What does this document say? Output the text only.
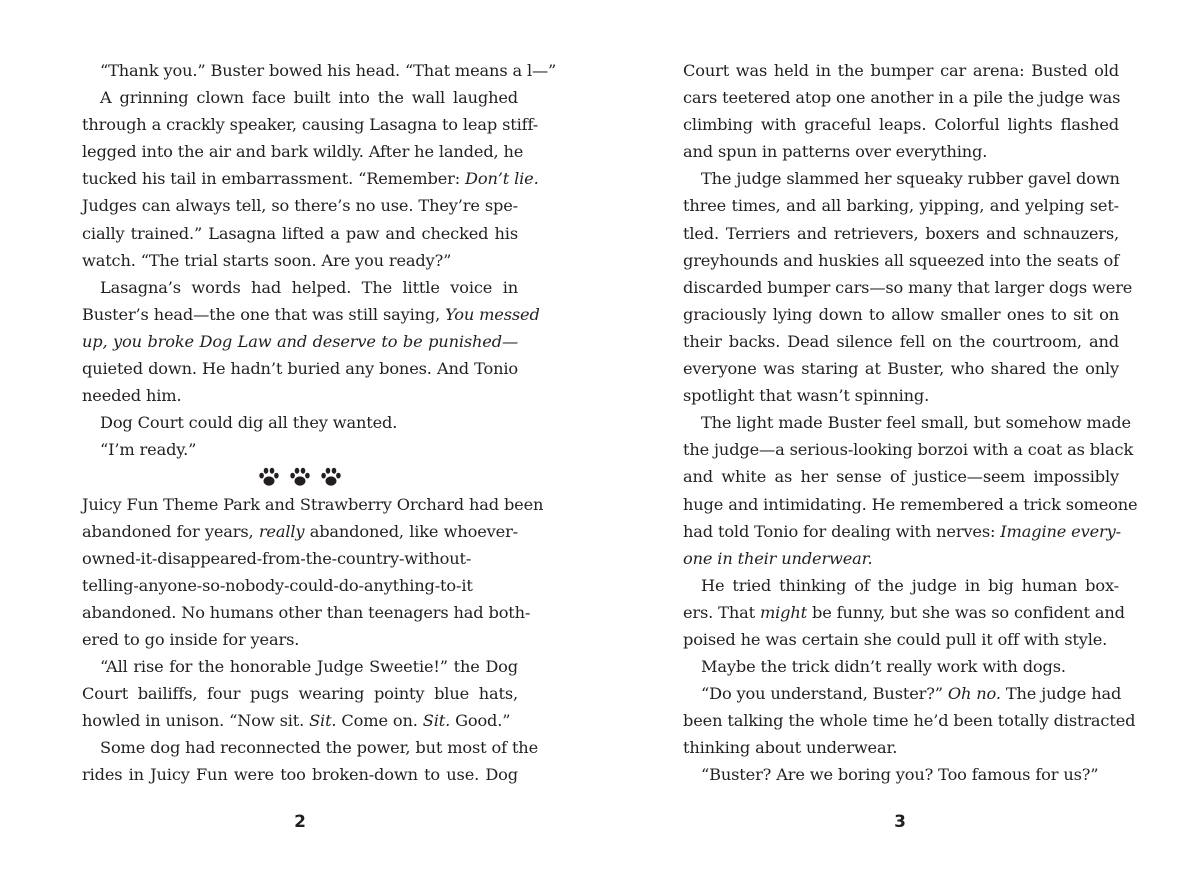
“Thank you.” Buster bowed his head. “That means a l—”
A grinning clown face built into the wall laughed
through a crackly speaker, causing Lasagna to leap stiff-
legged into the air and bark wildly. After he landed, he
tucked his tail in embarrassment. “Remember: Don’t lie.
Judges can always tell, so there’s no use. They’re spe-
cially trained.” Lasagna lifted a paw and checked his
watch. “The trial starts soon. Are you ready?”
Lasagna’s words had helped. The little voice in
Buster’s head—the one that was still saying, You messed
up, you broke Dog Law and deserve to be punished—
quieted down. He hadn’t buried any bones. And Tonio
needed him.
Dog Court could dig all they wanted.
“I’m ready.”
Juicy Fun Theme Park and Strawberry Orchard had been
abandoned for years, really abandoned, like whoever-
owned-it-disappeared-from-the-country-without-
telling-anyone-so-nobody-could-do-anything-to-it
abandoned. No humans other than teenagers had both-
ered to go inside for years.
“All rise for the honorable Judge Sweetie!” the Dog
Court bailiffs, four pugs wearing pointy blue hats,
howled in unison. “Now sit. Sit. Come on. Sit. Good.”
Some dog had reconnected the power, but most of the
rides in Juicy Fun were too broken-down to use. Dog
Court was held in the bumper car arena: Busted old
cars teetered atop one another in a pile the judge was
climbing with graceful leaps. Colorful lights flashed
and spun in patterns over everything.
The judge slammed her squeaky rubber gavel down
three times, and all barking, yipping, and yelping set-
tled. Terriers and retrievers, boxers and schnauzers,
greyhounds and huskies all squeezed into the seats of
discarded bumper cars—so many that larger dogs were
graciously lying down to allow smaller ones to sit on
their backs. Dead silence fell on the courtroom, and
everyone was staring at Buster, who shared the only
spotlight that wasn’t spinning.
The light made Buster feel small, but somehow made
the judge—a serious-looking borzoi with a coat as black
and white as her sense of justice—seem impossibly
huge and intimidating. He remembered a trick someone
had told Tonio for dealing with nerves: Imagine every-
one in their underwear.
He tried thinking of the judge in big human box-
ers. That might be funny, but she was so confident and
poised he was certain she could pull it off with style.
Maybe the trick didn’t really work with dogs.
“Do you understand, Buster?” Oh no. The judge had
been talking the whole time he’d been totally distracted
thinking about underwear.
“Buster? Are we boring you? Too famous for us?”
2	3
